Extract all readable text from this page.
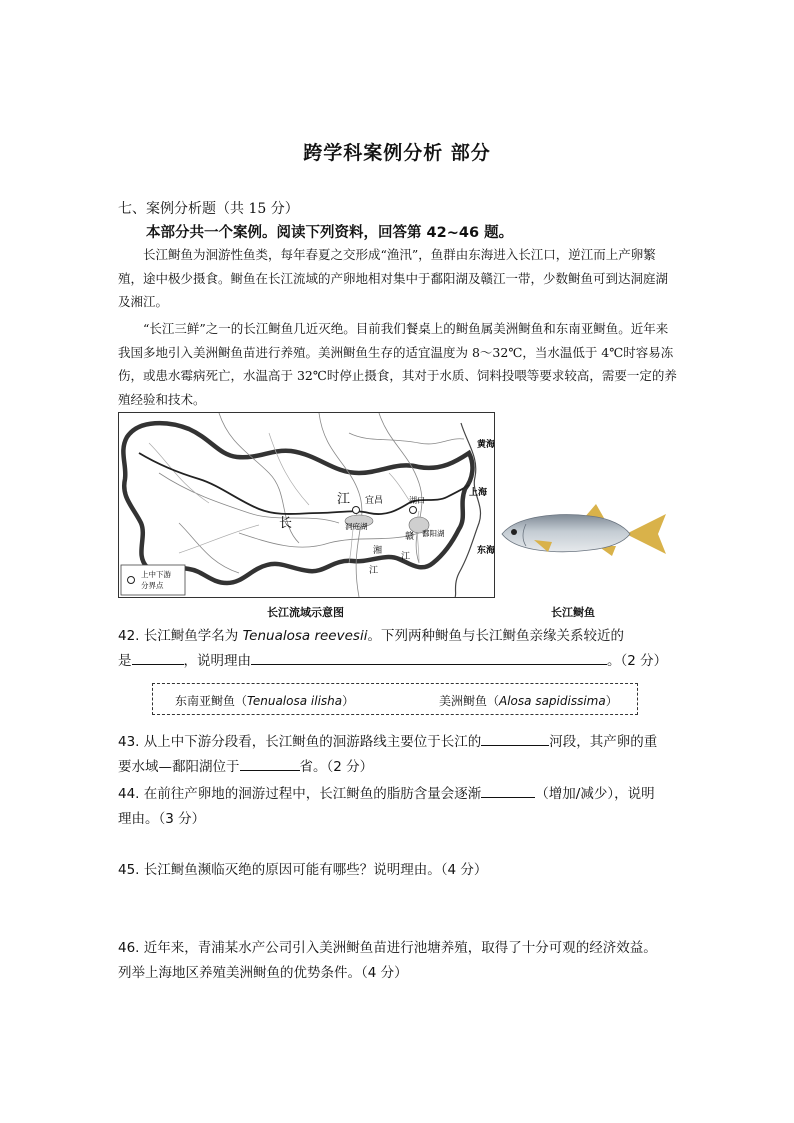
跨学科案例分析 部分
七、案例分析题（共 15 分）
本部分共一个案例。阅读下列资料，回答第 42~46 题。

长江鲥鱼为洄游性鱼类，每年春夏之交形成“渔汛”，鱼群由东海进入长江口，逆江而上产卵繁殖，途中极少摄食。鲥鱼在长江流域的产卵地相对集中于鄱阳湖及赣江一带，少数鲥鱼可到达洞庭湖及湘江。

“长江三鲜”之一的长江鲥鱼几近灭绝。目前我们餐桌上的鲥鱼属美洲鲥鱼和东南亚鲥鱼。近年来我国多地引入美洲鲥鱼苗进行养殖。美洲鲥鱼生存的适宜温度为 8～32℃，当水温低于 4℃时容易冻伤，或患水霉病死亡，水温高于 32℃时停止摄食，其对于水质、饲料投喂等要求较高，需要一定的养殖经验和技术。

黄海
上海
东海
宜昌	湖口
洞庭湖
鄱阳湖
湘
江
赣
江
长
江
上中下游
分界点
长江流域示意图	长江鲥鱼
42. 长江鲥鱼学名为 Tenualosa reevesii。下列两种鲥鱼与长江鲥鱼亲缘关系较近的
是	，说明理由	。（2 分）
东南亚鲥鱼（Tenualosa ilisha）	美洲鲥鱼（Alosa sapidissima）
43. 从上中下游分段看，长江鲥鱼的洄游路线主要位于长江的	河段，其产卵的重
要水域—鄱阳湖位于	省。（2 分）
44. 在前往产卵地的洄游过程中，长江鲥鱼的脂肪含量会逐渐	（增加/减少），说明
理由。（3 分）
45. 长江鲥鱼濒临灭绝的原因可能有哪些？说明理由。（4 分）
46. 近年来，青浦某水产公司引入美洲鲥鱼苗进行池塘养殖，取得了十分可观的经济效益。
列举上海地区养殖美洲鲥鱼的优势条件。（4 分）
